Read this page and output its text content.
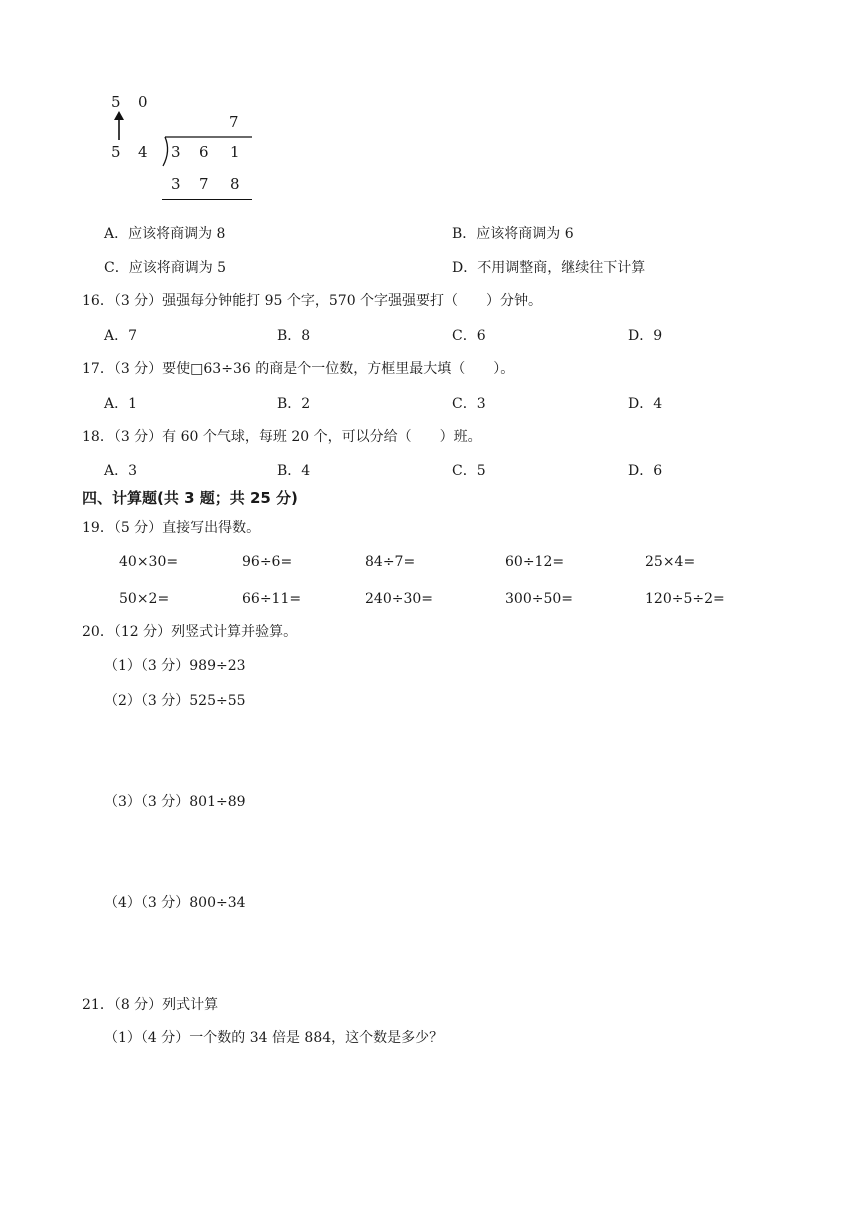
5 0
7
5 4 3 6 1
3 7 8
A．应该将商调为 8	B．应该将商调为 6
C．应该将商调为 5	D．不用调整商，继续往下计算
16．（3 分）强强每分钟能打 95 个字，570 个字强强要打（　　）分钟。
A．7	B．8	C．6	D．9
17．（3 分）要使□63÷36 的商是个一位数，方框里最大填（　　）。
A．1	B．2	C．3	D．4
18．（3 分）有 60 个气球，每班 20 个，可以分给（　　）班。
A．3	B．4	C．5	D．6
四、计算题(共 3 题；共 25 分)
19．（5 分）直接写出得数。
40×30=	96÷6=	84÷7=	60÷12=	25×4=
50×2=	66÷11=	240÷30=	300÷50=	120÷5÷2=
20．（12 分）列竖式计算并验算。
（1）（3 分）989÷23
（2）（3 分）525÷55
（3）（3 分）801÷89
（4）（3 分）800÷34
21．（8 分）列式计算
（1）（4 分）一个数的 34 倍是 884，这个数是多少？
